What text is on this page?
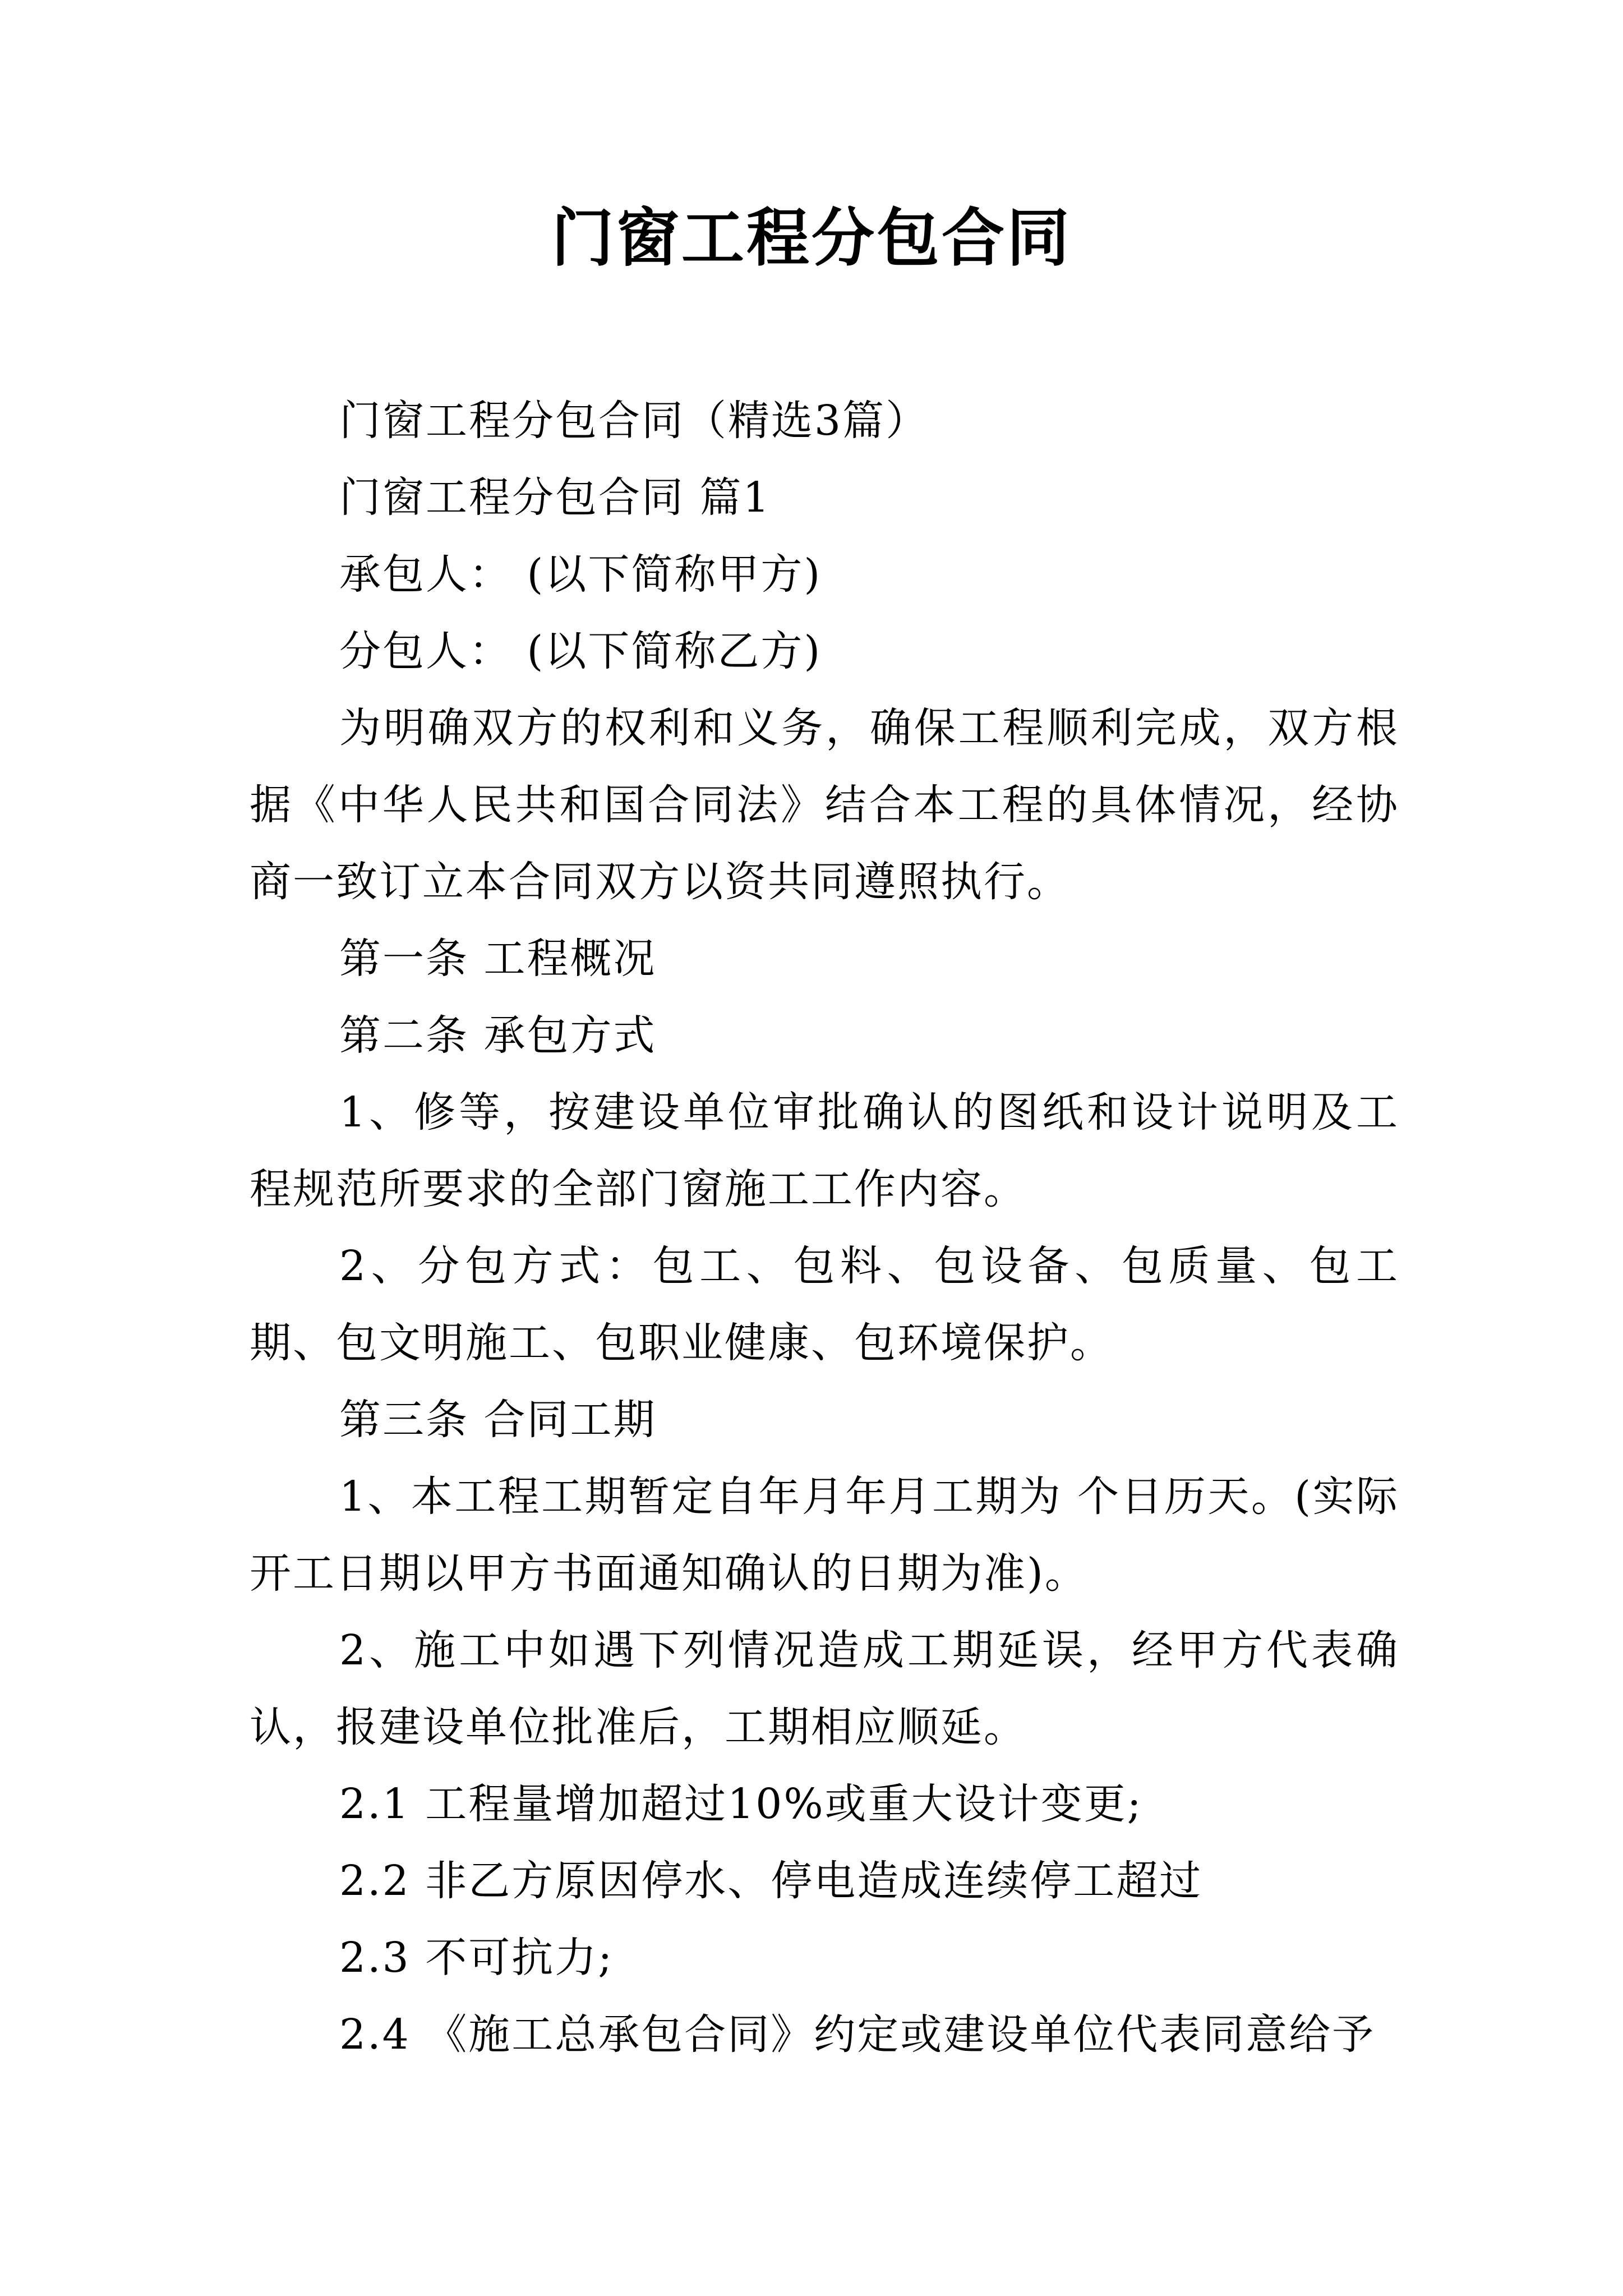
门窗工程分包合同

门窗工程分包合同（精选3篇）

门窗工程分包合同 篇1

承包人： (以下简称甲方)

分包人： (以下简称乙方)

为明确双方的权利和义务，确保工程顺利完成，双方根据《中华人民共和国合同法》结合本工程的具体情况，经协商一致订立本合同双方以资共同遵照执行。

第一条 工程概况

第二条 承包方式

1、修等，按建设单位审批确认的图纸和设计说明及工程规范所要求的全部门窗施工工作内容。

2、分包方式：包工、包料、包设备、包质量、包工期、包文明施工、包职业健康、包环境保护。

第三条 合同工期

1、本工程工期暂定自年月年月工期为 个日历天。(实际开工日期以甲方书面通知确认的日期为准)。

2、施工中如遇下列情况造成工期延误，经甲方代表确认，报建设单位批准后，工期相应顺延。

2.1 工程量增加超过10%或重大设计变更;

2.2 非乙方原因停水、停电造成连续停工超过

2.3 不可抗力;

2.4 《施工总承包合同》约定或建设单位代表同意给予
